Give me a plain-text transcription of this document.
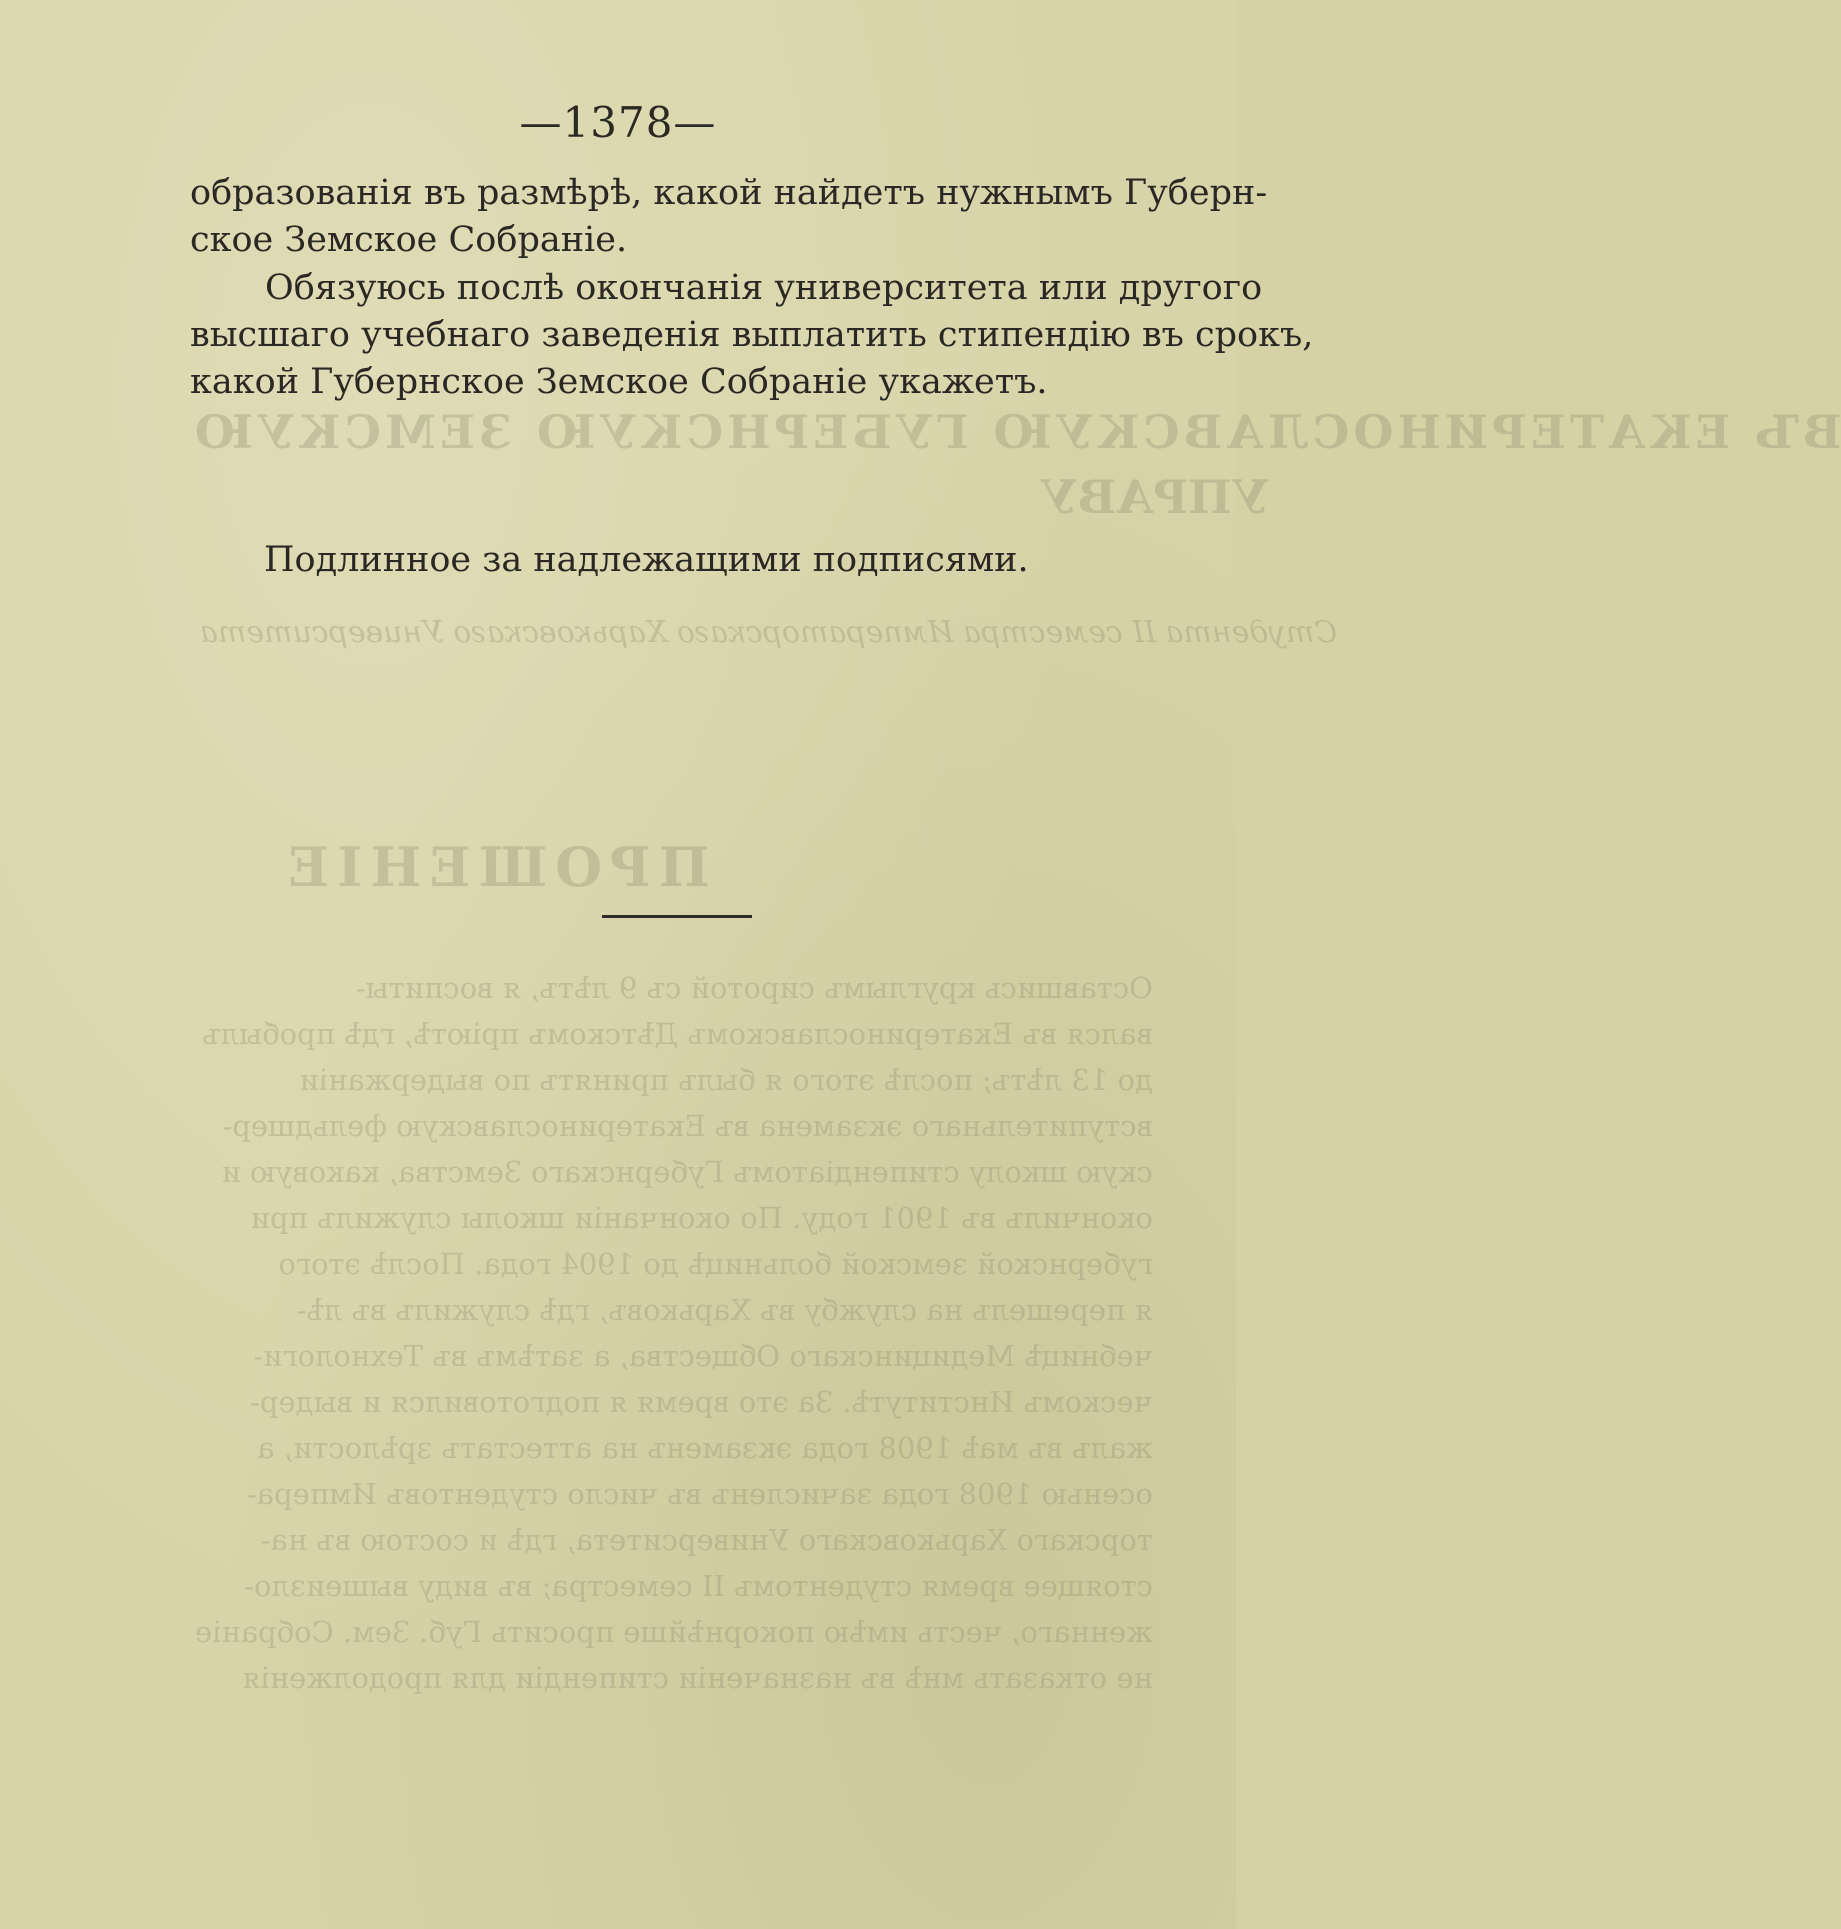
ВЪ ЕКАТЕРИНОСЛАВСКУЮ ГУБЕРНСКУЮ ЗЕМСКУЮ
УПРАВУ
Студента II семестра Императорскаго Харьковскаго Университета
ПРОШЕНІЕ
Оставшись круглымъ сиротой съ 9 лѣтъ, я воспиты-
вался въ Екатеринославскомъ Дѣтскомъ пріютѣ, гдѣ пробылъ
до 13 лѣтъ; послѣ этого я былъ принятъ по выдержаніи
вступительнаго экзамена въ Екатеринославскую фельдшер-
скую школу стипендіатомъ Губернскаго Земства, каковую и
окончилъ въ 1901 году. По окончаніи школы служилъ при
губернской земской больницѣ до 1904 года. Послѣ этого
я перешелъ на службу въ Харьковъ, гдѣ служилъ въ лѣ-
чебницѣ Медицинскаго Общества, а затѣмъ въ Технологи-
ческомъ Институтѣ. За это время я подготовился и выдер-
жалъ въ маѣ 1908 года экзаменъ на аттестатъ зрѣлости, а
осенью 1908 года зачисленъ въ число студентовъ Импера-
торскаго Харьковскаго Университета, гдѣ и состою въ на-
стоящее время студентомъ II семестра; въ виду вышеизло-
женнаго, честь имѣю покорнѣйше просить Губ. Зем. Собраніе
не отказать мнѣ въ назначеніи стипендіи для продолженія
—1378—

образованія въ размѣрѣ, какой найдетъ нужнымъ Губерн-
ское Земское Собраніе.

Обязуюсь послѣ окончанія университета или другого
высшаго учебнаго заведенія выплатить стипендію въ срокъ,
какой Губернское Земское Собраніе укажетъ.

Подлинное за надлежащими подписями.
